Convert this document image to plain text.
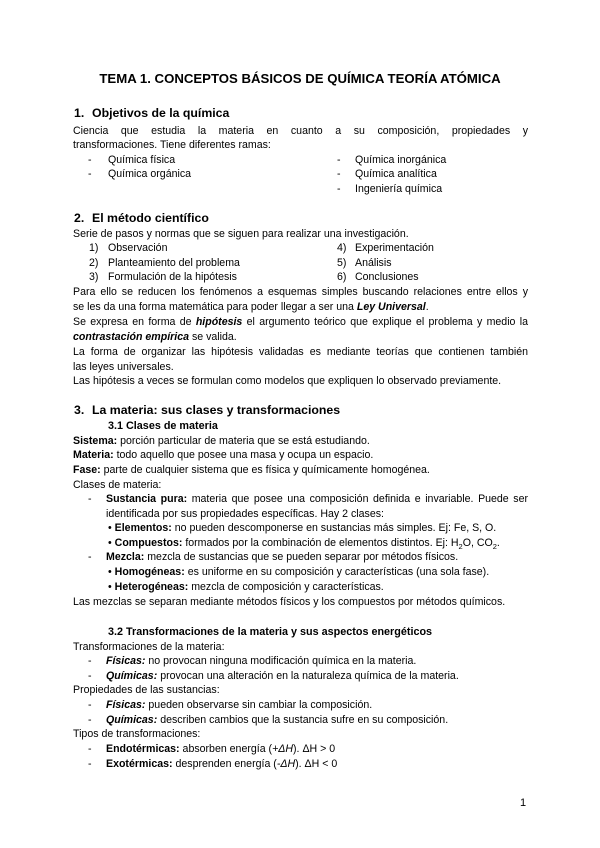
TEMA 1. CONCEPTOS BÁSICOS DE QUÍMICA TEORÍA ATÓMICA
1. Objetivos de la química
Ciencia que estudia la materia en cuanto a su composición, propiedades y
transformaciones. Tiene diferentes ramas:
- Química física
- Química orgánica
- Química inorgánica
- Química analítica
- Ingeniería química
2. El método científico
Serie de pasos y normas que se siguen para realizar una investigación.
1) Observación
2) Planteamiento del problema
3) Formulación de la hipótesis
4) Experimentación
5) Análisis
6) Conclusiones
Para ello se reducen los fenómenos a esquemas simples buscando relaciones entre ellos y
se les da una forma matemática para poder llegar a ser una Ley Universal.
Se expresa en forma de hipótesis el argumento teórico que explique el problema y medio la
contrastación empírica se valida.
La forma de organizar las hipótesis validadas es mediante teorías que contienen también
las leyes universales.
Las hipótesis a veces se formulan como modelos que expliquen lo observado previamente.
3. La materia: sus clases y transformaciones
3.1 Clases de materia
Sistema: porción particular de materia que se está estudiando.
Materia: todo aquello que posee una masa y ocupa un espacio.
Fase: parte de cualquier sistema que es física y químicamente homogénea.
Clases de materia:
- Sustancia pura: materia que posee una composición definida e invariable. Puede ser
identificada por sus propiedades específicas. Hay 2 clases:
• Elementos: no pueden descomponerse en sustancias más simples. Ej: Fe, S, O.
• Compuestos: formados por la combinación de elementos distintos. Ej: $H_2O$, $CO_2$.
- Mezcla: mezcla de sustancias que se pueden separar por métodos físicos.
• Homogéneas: es uniforme en su composición y características (una sola fase).
• Heterogéneas: mezcla de composición y características.
Las mezclas se separan mediante métodos físicos y los compuestos por métodos químicos.
3.2 Transformaciones de la materia y sus aspectos energéticos
Transformaciones de la materia:
- Físicas: no provocan ninguna modificación química en la materia.
- Químicas: provocan una alteración en la naturaleza química de la materia.
Propiedades de las sustancias:
- Físicas: pueden observarse sin cambiar la composición.
- Químicas: describen cambios que la sustancia sufre en su composición.
Tipos de transformaciones:
- Endotérmicas: absorben energía (+ΔH). ΔH > 0
- Exotérmicas: desprenden energía (-ΔH). ΔH < 0
1
